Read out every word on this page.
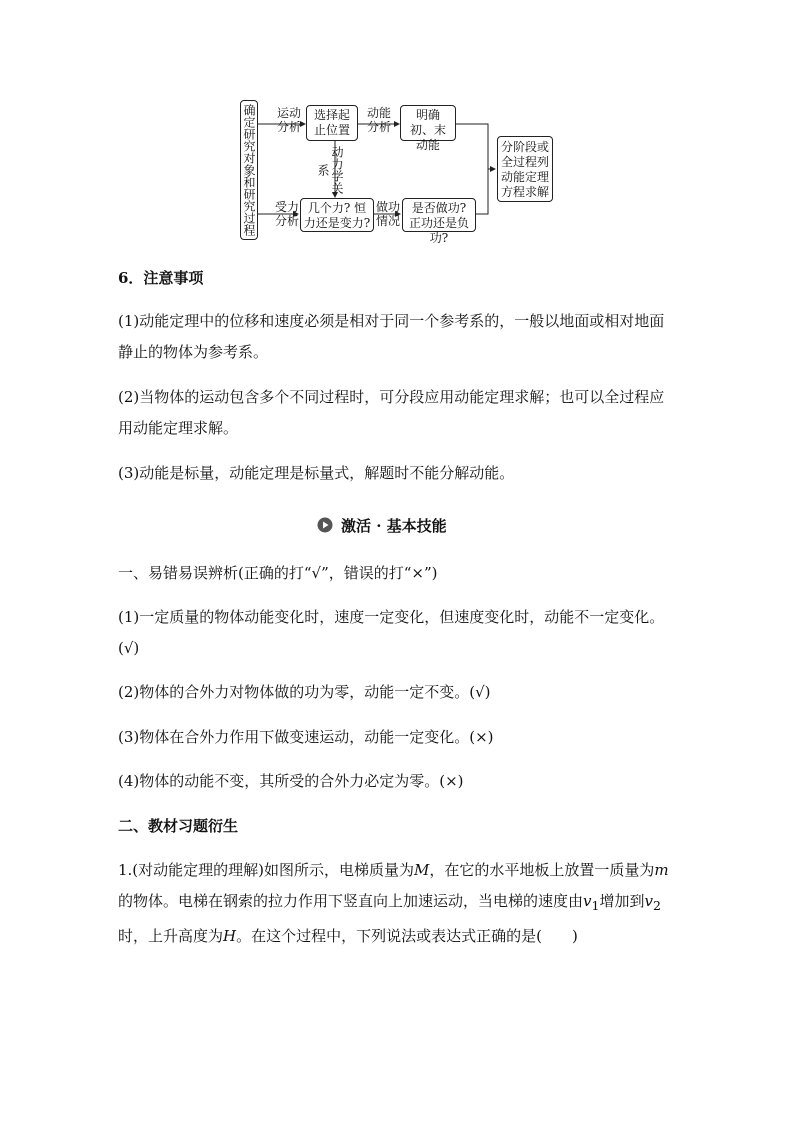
确定研究对象和研究过程 运动
分析
选择起止位置
动能
分析
明确初、末动能
动力学关系
受力
分析
几个力? 恒力还是变力?
做功
情况
是否做功? 正功还是负功?
分阶段或全过程列动能定理方程求解
6．注意事项
(1)动能定理中的位移和速度必须是相对于同一个参考系的，一般以地面或相对地面静止的物体为参考系。
(2)当物体的运动包含多个不同过程时，可分段应用动能定理求解；也可以全过程应用动能定理求解。
(3)动能是标量，动能定理是标量式，解题时不能分解动能。
激活 · 基本技能
一、易错易误辨析(正确的打“√”，错误的打“×”)
(1)一定质量的物体动能变化时，速度一定变化，但速度变化时，动能不一定变化。(√)
(2)物体的合外力对物体做的功为零，动能一定不变。(√)
(3)物体在合外力作用下做变速运动，动能一定变化。(×)
(4)物体的动能不变，其所受的合外力必定为零。(×)
二、教材习题衍生
1.(对动能定理的理解)如图所示，电梯质量为M，在它的水平地板上放置一质量为m的物体。电梯在钢索的拉力作用下竖直向上加速运动，当电梯的速度由$v_1$增加到$v_2$时，上升高度为H。在这个过程中，下列说法或表达式正确的是(　　)
